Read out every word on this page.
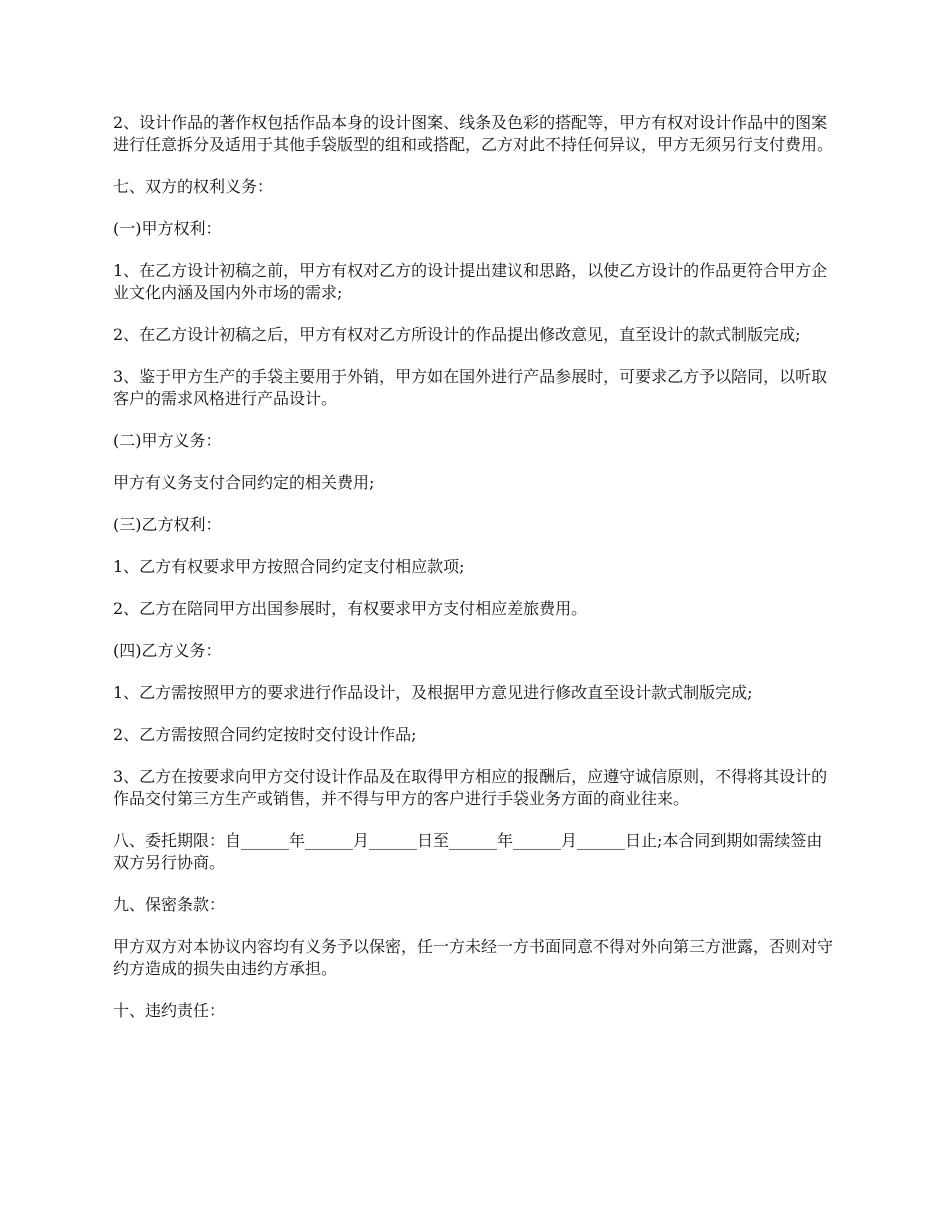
2、设计作品的著作权包括作品本身的设计图案、线条及色彩的搭配等，甲方有权对设计作品中的图案进行任意拆分及适用于其他手袋版型的组和或搭配，乙方对此不持任何异议，甲方无须另行支付费用。

七、双方的权利义务：

(一)甲方权利：

1、在乙方设计初稿之前，甲方有权对乙方的设计提出建议和思路，以使乙方设计的作品更符合甲方企业文化内涵及国内外市场的需求;

2、在乙方设计初稿之后，甲方有权对乙方所设计的作品提出修改意见，直至设计的款式制版完成;

3、鉴于甲方生产的手袋主要用于外销，甲方如在国外进行产品参展时，可要求乙方予以陪同，以听取客户的需求风格进行产品设计。

(二)甲方义务：

甲方有义务支付合同约定的相关费用;

(三)乙方权利：

1、乙方有权要求甲方按照合同约定支付相应款项;

2、乙方在陪同甲方出国参展时，有权要求甲方支付相应差旅费用。

(四)乙方义务：

1、乙方需按照甲方的要求进行作品设计，及根据甲方意见进行修改直至设计款式制版完成;

2、乙方需按照合同约定按时交付设计作品;

3、乙方在按要求向甲方交付设计作品及在取得甲方相应的报酬后，应遵守诚信原则，不得将其设计的作品交付第三方生产或销售，并不得与甲方的客户进行手袋业务方面的商业往来。

八、委托期限：自______年______月______日至______年______月______日止;本合同到期如需续签由双方另行协商。

九、保密条款：

甲方双方对本协议内容均有义务予以保密，任一方未经一方书面同意不得对外向第三方泄露，否则对守约方造成的损失由违约方承担。

十、违约责任：
